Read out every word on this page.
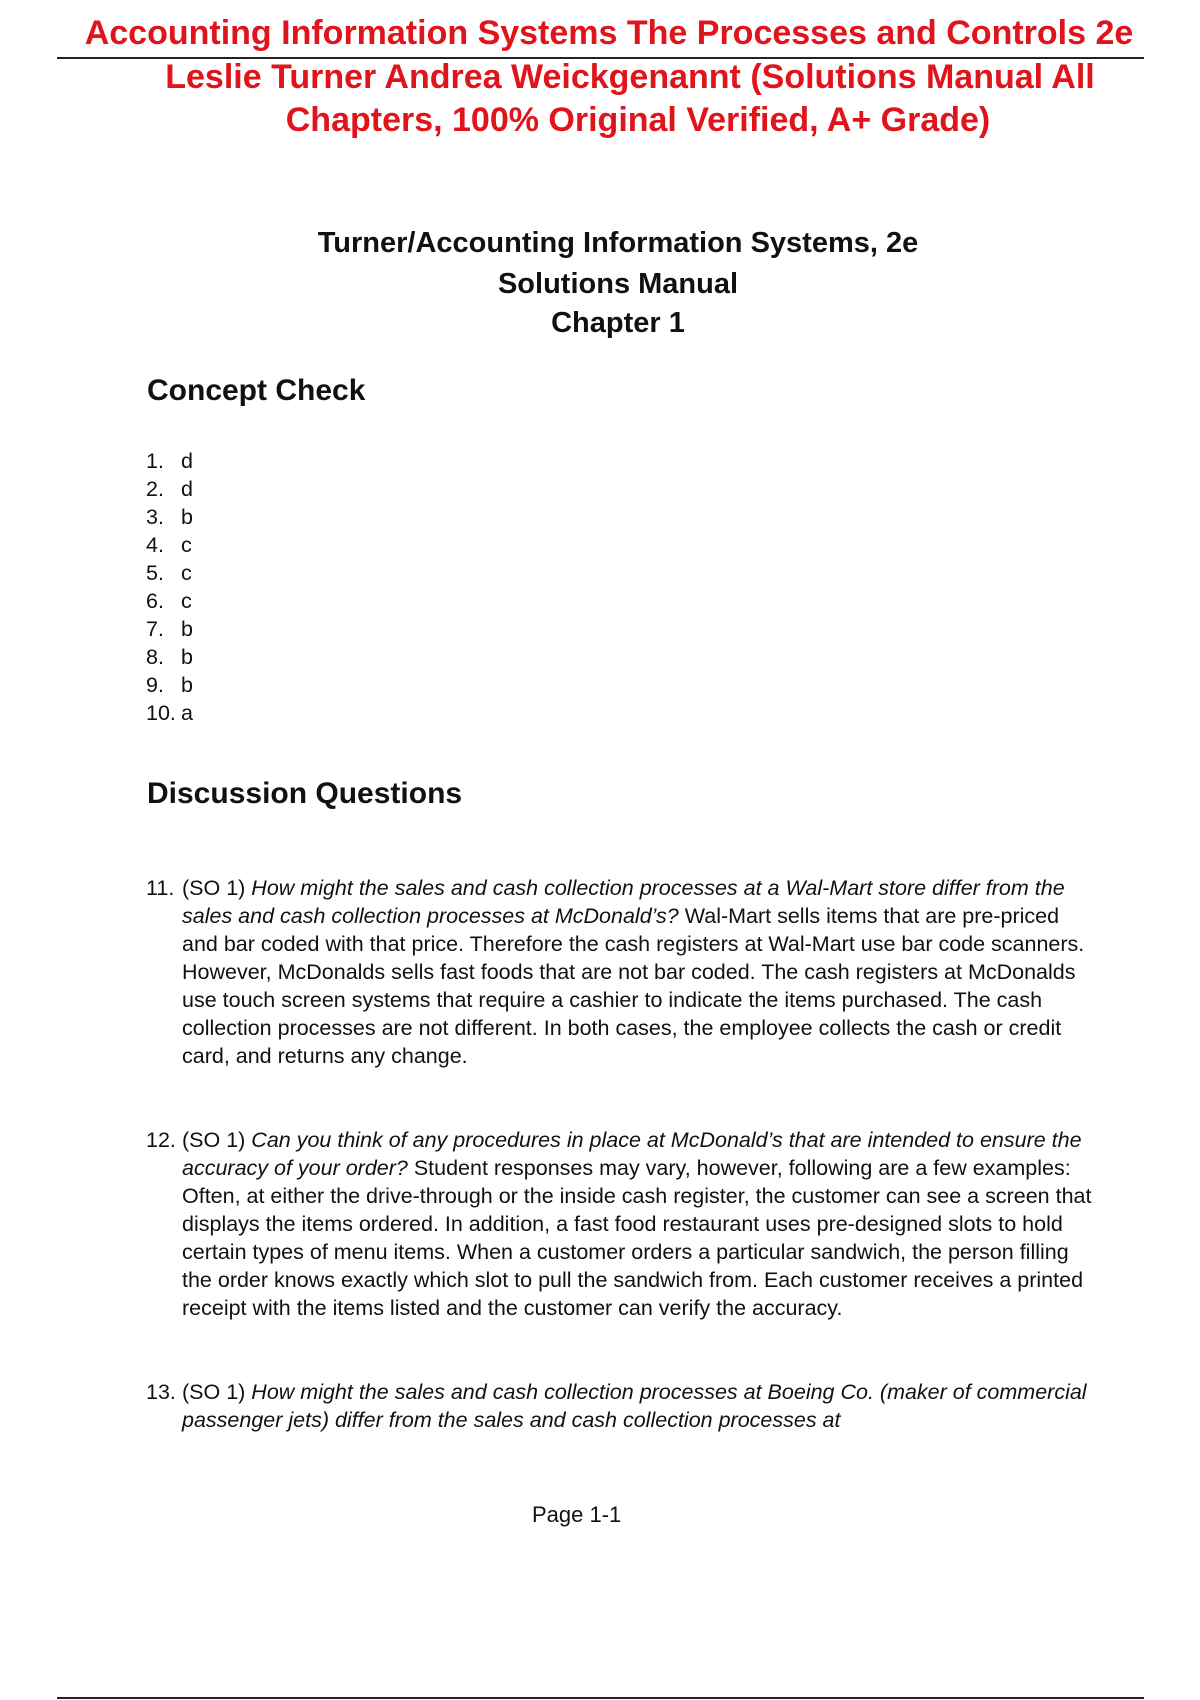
Accounting Information Systems The Processes and Controls 2e
Leslie Turner Andrea Weickgenannt (Solutions Manual All
Chapters, 100% Original Verified, A+ Grade)
Turner/Accounting Information Systems, 2e
Solutions Manual
Chapter 1
Concept Check
1. d
2. d
3. b
4. c
5. c
6. c
7. b
8. b
9. b
10. a
Discussion Questions
11. (SO 1) How might the sales and cash collection processes at a Wal-Mart store differ from the sales and cash collection processes at McDonald’s? Wal-Mart sells items that are pre-priced and bar coded with that price. Therefore the cash registers at Wal-Mart use bar code scanners. However, McDonalds sells fast foods that are not bar coded. The cash registers at McDonalds use touch screen systems that require a cashier to indicate the items purchased. The cash collection processes are not different. In both cases, the employee collects the cash or credit card, and returns any change.
12. (SO 1) Can you think of any procedures in place at McDonald’s that are intended to ensure the accuracy of your order? Student responses may vary, however, following are a few examples: Often, at either the drive-through or the inside cash register, the customer can see a screen that displays the items ordered. In addition, a fast food restaurant uses pre-designed slots to hold certain types of menu items. When a customer orders a particular sandwich, the person filling the order knows exactly which slot to pull the sandwich from. Each customer receives a printed receipt with the items listed and the customer can verify the accuracy.
13. (SO 1) How might the sales and cash collection processes at Boeing Co. (maker of commercial passenger jets) differ from the sales and cash collection processes at
Page 1-1
